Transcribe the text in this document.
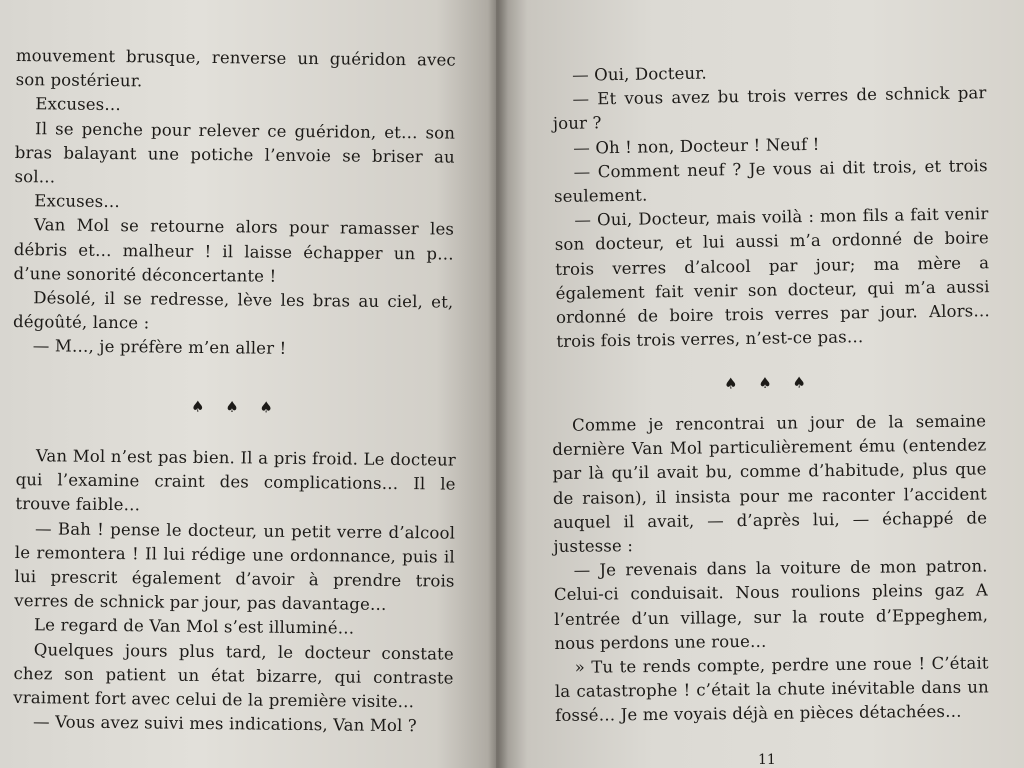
mouvement brusque, renverse un guéridon avec son postérieur.

Excuses…

Il se penche pour relever ce guéridon, et… son bras balayant une potiche l’envoie se briser au sol…

Excuses…

Van Mol se retourne alors pour ramasser les débris et… malheur ! il laisse échapper un p… d’une sonorité déconcertante !

Désolé, il se redresse, lève les bras au ciel, et, dégoûté, lance :

— M…, je préfère m’en aller !

♠ ♠ ♠

Van Mol n’est pas bien. Il a pris froid. Le docteur qui l’examine craint des complications… Il le trouve faible…

— Bah ! pense le docteur, un petit verre d’alcool le remontera ! Il lui rédige une ordonnance, puis il lui prescrit également d’avoir à prendre trois verres de schnick par jour, pas davantage…

Le regard de Van Mol s’est illuminé…

Quelques jours plus tard, le docteur constate chez son patient un état bizarre, qui contraste vraiment fort avec celui de la première visite…

— Vous avez suivi mes indications, Van Mol ?

— Oui, Docteur.

— Et vous avez bu trois verres de schnick par jour ?

— Oh ! non, Docteur ! Neuf !

— Comment neuf ? Je vous ai dit trois, et trois seulement.

— Oui, Docteur, mais voilà : mon fils a fait venir son docteur, et lui aussi m’a ordonné de boire trois verres d’alcool par jour; ma mère a également fait venir son docteur, qui m’a aussi ordonné de boire trois verres par jour. Alors… trois fois trois verres, n’est-ce pas…

♠ ♠ ♠

Comme je rencontrai un jour de la semaine dernière Van Mol particulièrement ému (entendez par là qu’il avait bu, comme d’habitude, plus que de raison), il insista pour me raconter l’accident auquel il avait, — d’après lui, — échappé de justesse :

— Je revenais dans la voiture de mon patron. Celui-ci conduisait. Nous roulions pleins gaz A l’entrée d’un village, sur la route d’Eppeghem, nous perdons une roue…

» Tu te rends compte, perdre une roue ! C’était la catastrophe ! c’était la chute inévitable dans un fossé… Je me voyais déjà en pièces détachées…

11
